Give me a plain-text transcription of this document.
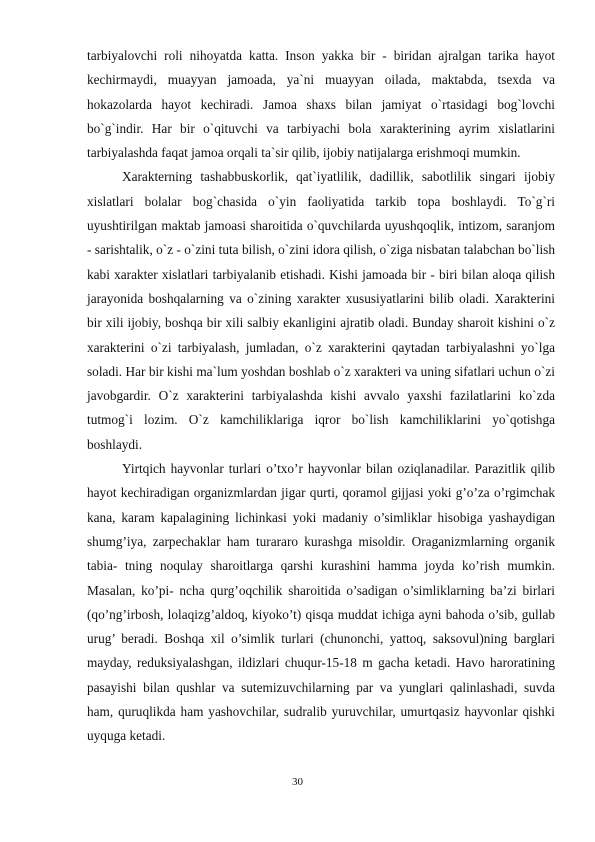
tarbiyalovchi roli nihoyatda katta. Inson yakka bir - biridan ajralgan tarika hayot kechirmaydi, muayyan jamoada, ya`ni muayyan oilada, maktabda, tsexda va hokazolarda hayot kechiradi. Jamoa shaxs bilan jamiyat o`rtasidagi bog`lovchi bo`g`indir. Har bir o`qituvchi va tarbiyachi bola xarakterining ayrim xislatlarini tarbiyalashda faqat jamoa orqali ta`sir qilib, ijobiy natijalarga erishmoqi mumkin.

Xarakterning tashabbuskorlik, qat`iyatlilik, dadillik, sabotlilik singari ijobiy xislatlari bolalar bog`chasida o`yin faoliyatida tarkib topa boshlaydi. To`g`ri uyushtirilgan maktab jamoasi sharoitida o`quvchilarda uyushqoqlik, intizom, saranjom - sarishtalik, o`z - o`zini tuta bilish, o`zini idora qilish, o`ziga nisbatan talabchan bo`lish kabi xarakter xislatlari tarbiyalanib etishadi. Kishi jamoada bir - biri bilan aloqa qilish jarayonida boshqalarning va o`zining xarakter xususiyatlarini bilib oladi. Xarakterini bir xili ijobiy, boshqa bir xili salbiy ekanligini ajratib oladi. Bunday sharoit kishini o`z xarakterini o`zi tarbiyalash, jumladan, o`z xarakterini qaytadan tarbiyalashni yo`lga soladi. Har bir kishi ma`lum yoshdan boshlab o`z xarakteri va uning sifatlari uchun o`zi javobgardir. O`z xarakterini tarbiyalashda kishi avvalo yaxshi fazilatlarini ko`zda tutmog`i lozim. O`z kamchiliklariga iqror bo`lish kamchiliklarini yo`qotishga boshlaydi.

Yirtqich hayvonlar turlari o’txo’r hayvonlar bilan oziqlanadilar. Parazitlik qilib hayot kechiradigan organizmlardan jigar qurti, qoramol gijjasi yoki g’o’za o’rgimchak kana, karam kapalagining lichinkasi yoki madaniy o’simliklar hisobiga yashaydigan shumg’iya, zarpechaklar ham turararo kurashga misoldir. Oraganizmlarning organik tabia- tning noqulay sharoitlarga qarshi kurashini hamma joyda ko’rish mumkin. Masalan, ko’pi- ncha qurg’oqchilik sharoitida o’sadigan o’simliklarning ba’zi birlari (qo’ng’irbosh, lolaqizg’aldoq, kiyoko’t) qisqa muddat ichiga ayni bahoda o’sib, gullab urug’ beradi. Boshqa xil o’simlik turlari (chunonchi, yattoq, saksovul)ning barglari mayday, reduksiyalashgan, ildizlari chuqur-15-18 m gacha ketadi. Havo haroratining pasayishi bilan qushlar va sutemizuvchilarning par va yunglari qalinlashadi, suvda ham, quruqlikda ham yashovchilar, sudralib yuruvchilar, umurtqasiz hayvonlar qishki uyquga ketadi.

30
